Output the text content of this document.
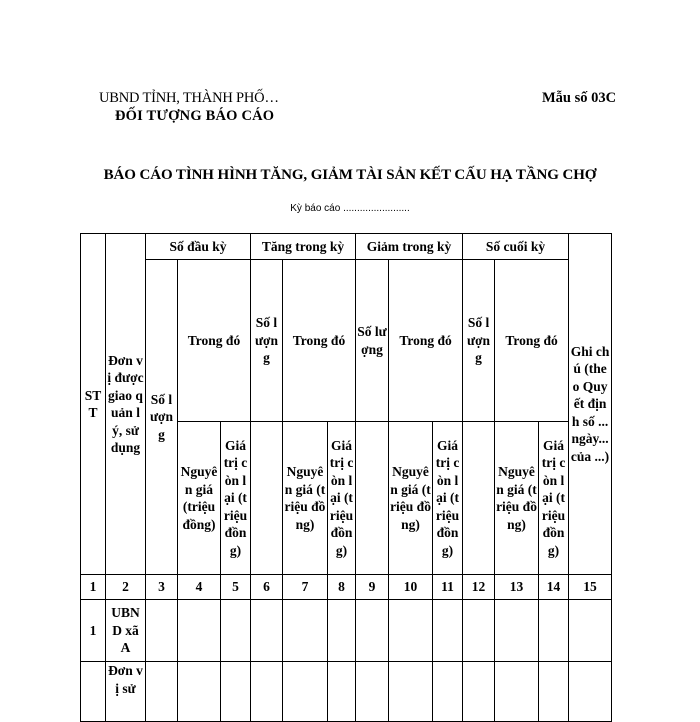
UBND TỈNH, THÀNH PHỐ…
ĐỐI TƯỢNG BÁO CÁO
Mẫu số 03C
BÁO CÁO TÌNH HÌNH TĂNG, GIẢM TÀI SẢN KẾT CẤU HẠ TẦNG CHỢ
Kỳ báo cáo ........................
STT	Đơn vị được giao quản lý, sử dụng	Số đầu kỳ			Tăng trong kỳ			Giảm trong kỳ			Số cuối kỳ			Ghi chú (theo Quyết định số ... ngày... của ...)
		Số lượng	Trong đó		Số lượng	Trong đó		Số lượng	Trong đó		Số lượng	Trong đó		
			Nguyên giá (triệu đồng)	Giá trị còn lại (triệu đồng)		Nguyên giá (triệu đồng)	Giá trị còn lại (triệu đồng)		Nguyên giá (triệu đồng)	Giá trị còn lại (triệu đồng)		Nguyên giá (triệu đồng)	Giá trị còn lại (triệu đồng)	
1	2	3	4	5	6	7	8	9	10	11	12	13	14	15
1	UBND xã A													
	Đơn vị sử													
